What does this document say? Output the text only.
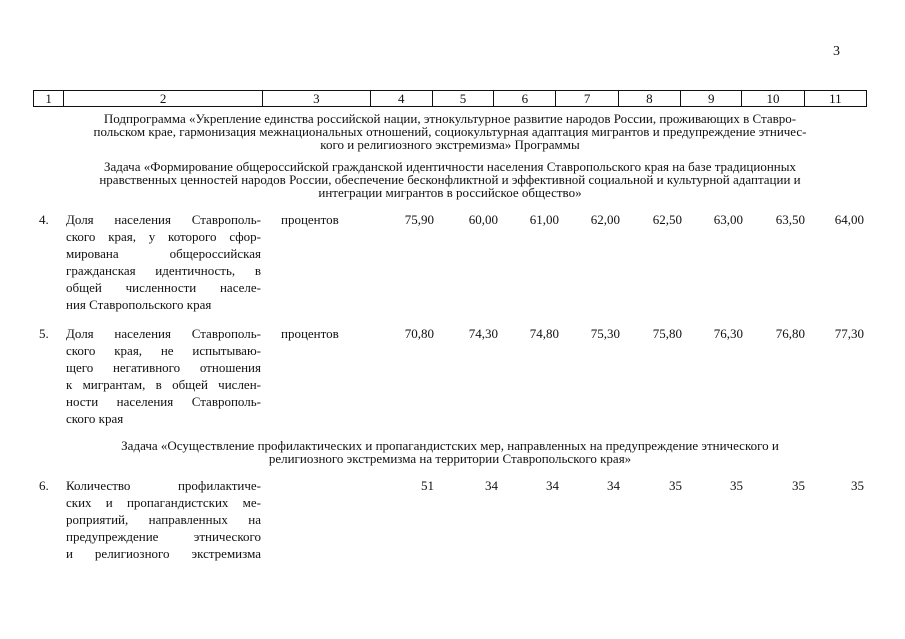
3
1	2	3	4	5	6	7	8	9	10	11
Подпрограмма «Укрепление единства российской нации, этнокультурное развитие народов России, проживающих в Ставро-
польском крае, гармонизация межнациональных отношений, социокультурная адаптация мигрантов и предупреждение этничес-
кого и религиозного экстремизма» Программы
Задача «Формирование общероссийской гражданской идентичности населения Ставропольского края на базе традиционных
нравственных ценностей народов России, обеспечение бесконфликтной и эффективной социальной и культурной адаптации и
интеграции мигрантов в российское общество»
4. Доля населения Ставрополь-
ского края, у которого сфор-
мирована общероссийская
гражданская идентичность, в
общей численности населе-
ния Ставропольского края
процентов	75,90	60,00	61,00	62,00	62,50	63,00	63,50	64,00
5. Доля населения Ставрополь-
ского края, не испытываю-
щего негативного отношения
к мигрантам, в общей числен-
ности населения Ставрополь-
ского края
процентов	70,80	74,30	74,80	75,30	75,80	76,30	76,80	77,30
Задача «Осуществление профилактических и пропагандистских мер, направленных на предупреждение этнического и
религиозного экстремизма на территории Ставропольского края»
6. Количество профилактиче-
ских и пропагандистских ме-
роприятий, направленных на
предупреждение этнического
и религиозного экстремизма
51	34	34	34	35	35	35	35
